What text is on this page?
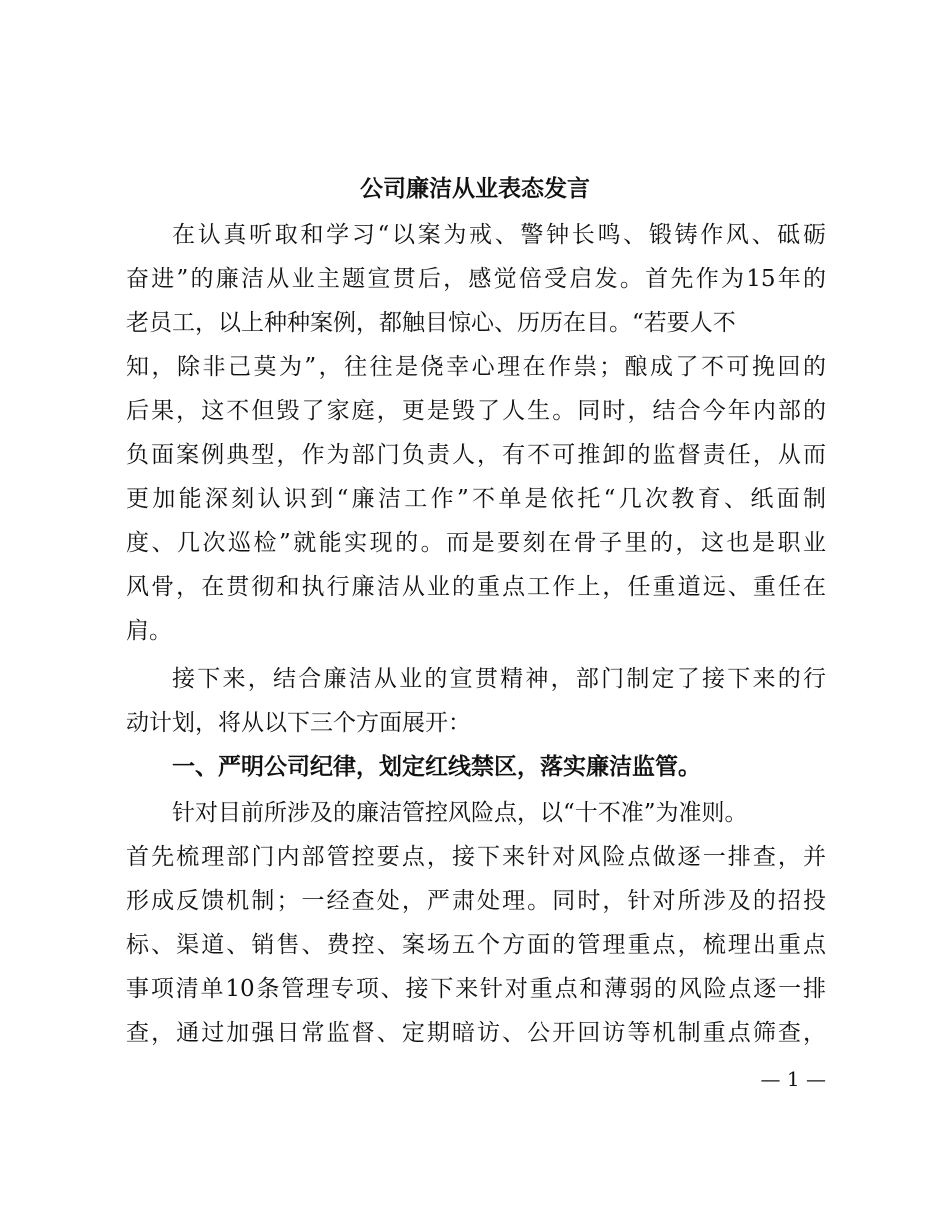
公司廉洁从业表态发言
在认真听取和学习“以案为戒、警钟长鸣、锻铸作风、砥砺
奋进”的廉洁从业主题宣贯后，感觉倍受启发。首先作为15年的
老员工，以上种种案例，都触目惊心、历历在目。“若要人不
知，除非己莫为”，往往是侥幸心理在作祟；酿成了不可挽回的
后果，这不但毁了家庭，更是毁了人生。同时，结合今年内部的
负面案例典型，作为部门负责人，有不可推卸的监督责任，从而
更加能深刻认识到“廉洁工作”不单是依托“几次教育、纸面制
度、几次巡检”就能实现的。而是要刻在骨子里的，这也是职业
风骨，在贯彻和执行廉洁从业的重点工作上，任重道远、重任在
肩。
接下来，结合廉洁从业的宣贯精神，部门制定了接下来的行
动计划，将从以下三个方面展开：
一、严明公司纪律，划定红线禁区，落实廉洁监管。
针对目前所涉及的廉洁管控风险点，以“十不准”为准则。
首先梳理部门内部管控要点，接下来针对风险点做逐一排查，并
形成反馈机制；一经查处，严肃处理。同时，针对所涉及的招投
标、渠道、销售、费控、案场五个方面的管理重点，梳理出重点
事项清单10条管理专项、接下来针对重点和薄弱的风险点逐一排
查，通过加强日常监督、定期暗访、公开回访等机制重点筛查，
— 1 —
